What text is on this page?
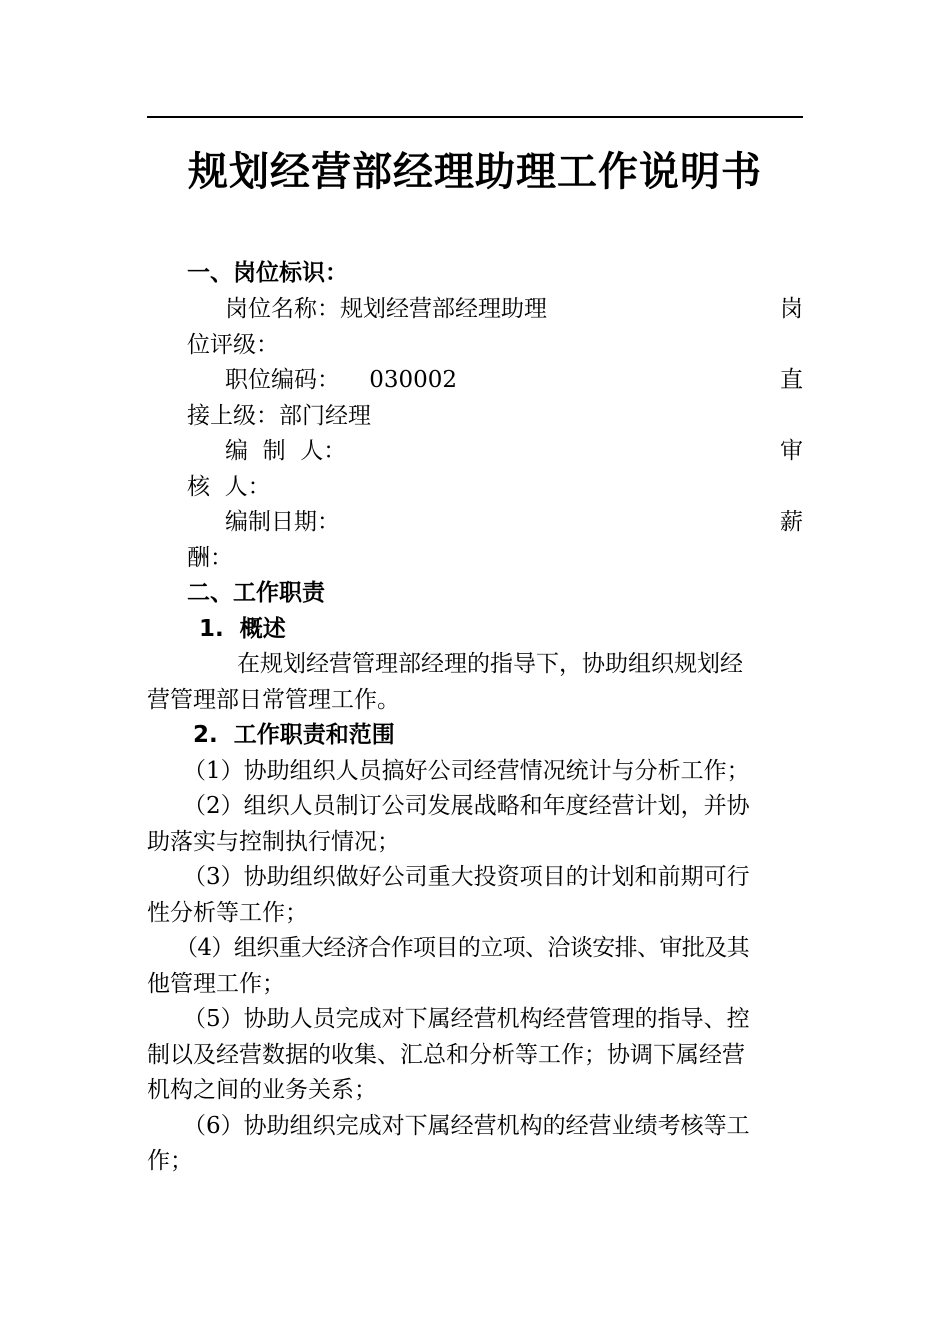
规划经营部经理助理工作说明书
一、岗位标识：
岗位名称：规划经营部经理助理	岗
位评级：
职位编码：    030002	直
接上级：部门经理
编  制  人：	审
核  人：
编制日期：	薪
酬：
二、工作职责
1.  概述
在规划经营管理部经理的指导下，协助组织规划经
营管理部日常管理工作。
2.  工作职责和范围
（1）协助组织人员搞好公司经营情况统计与分析工作；
（2）组织人员制订公司发展战略和年度经营计划，并协
助落实与控制执行情况；
（3）协助组织做好公司重大投资项目的计划和前期可行
性分析等工作；
（4）组织重大经济合作项目的立项、洽谈安排、审批及其
他管理工作；
（5）协助人员完成对下属经营机构经营管理的指导、控
制以及经营数据的收集、汇总和分析等工作；协调下属经营
机构之间的业务关系；
（6）协助组织完成对下属经营机构的经营业绩考核等工
作；
